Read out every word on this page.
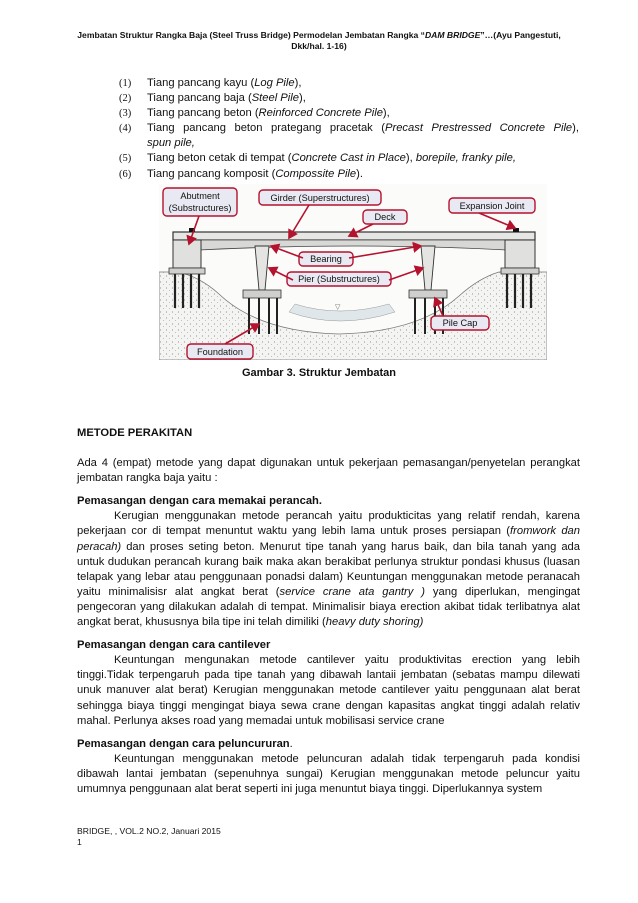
Jembatan Struktur Rangka Baja (Steel Truss Bridge) Permodelan Jembatan Rangka “DAM BRIDGE”…(Ayu Pangestuti,
Dkk/hal. 1-16)
(1)	Tiang pancang kayu (Log Pile),
(2)	Tiang pancang baja (Steel Pile),
(3)	Tiang pancang beton (Reinforced Concrete Pile),
(4)	Tiang pancang beton prategang pracetak (Precast Prestressed Concrete Pile),
spun pile,
(5)	Tiang beton cetak di tempat (Concrete Cast in Place), borepile, franky pile,
(6)	Tiang pancang komposit (Compossite Pile).
▽
Abutment
(Substructures)
Girder (Superstructures)
Expansion Joint
Deck
Bearing
Pier (Substructures)
Pile Cap
Foundation
Gambar 3. Struktur Jembatan
METODE PERAKITAN

Ada 4 (empat) metode yang dapat digunakan untuk pekerjaan pemasangan/penyetelan perangkat jembatan rangka baja yaitu :

Pemasangan dengan cara memakai perancah.

Kerugian menggunakan metode perancah yaitu produkticitas yang relatif rendah, karena pekerjaan cor di tempat menuntut waktu yang lebih lama untuk proses persiapan (fromwork dan peracah) dan proses seting beton. Menurut tipe tanah yang harus baik, dan bila tanah yang ada untuk dudukan perancah kurang baik maka akan berakibat perlunya struktur pondasi khusus (luasan telapak yang lebar atau penggunaan ponadsi dalam) Keuntungan menggunakan metode peranacah yaitu minimalisisr alat angkat berat (service crane ata gantry ) yang diperlukan, mengingat pengecoran yang dilakukan adalah di tempat. Minimalisir biaya erection akibat tidak terlibatnya alat angkat berat, khususnya bila tipe ini telah dimiliki (heavy duty shoring)

Pemasangan dengan cara cantilever

Keuntungan mengunakan metode cantilever yaitu produktivitas erection yang lebih tinggi.Tidak terpengaruh pada tipe tanah yang dibawah lantaii jembatan (sebatas mampu dilewati unuk manuver alat berat) Kerugian menggunakan metode cantilever yaitu penggunaan alat berat sehingga biaya tinggi mengingat biaya sewa crane dengan kapasitas angkat tinggi adalah relativ mahal. Perlunya akses road yang memadai untuk mobilisasi service crane

Pemasangan dengan cara peluncururan.

Keuntungan menggunakan metode peluncuran adalah tidak terpengaruh pada kondisi dibawah lantai jembatan (sepenuhnya sungai) Kerugian menggunakan metode peluncur yaitu umumnya penggunaan alat berat seperti ini juga menuntut biaya tinggi. Diperlukannya system

BRIDGE, , VOL.2 NO.2, Januari 2015
1
